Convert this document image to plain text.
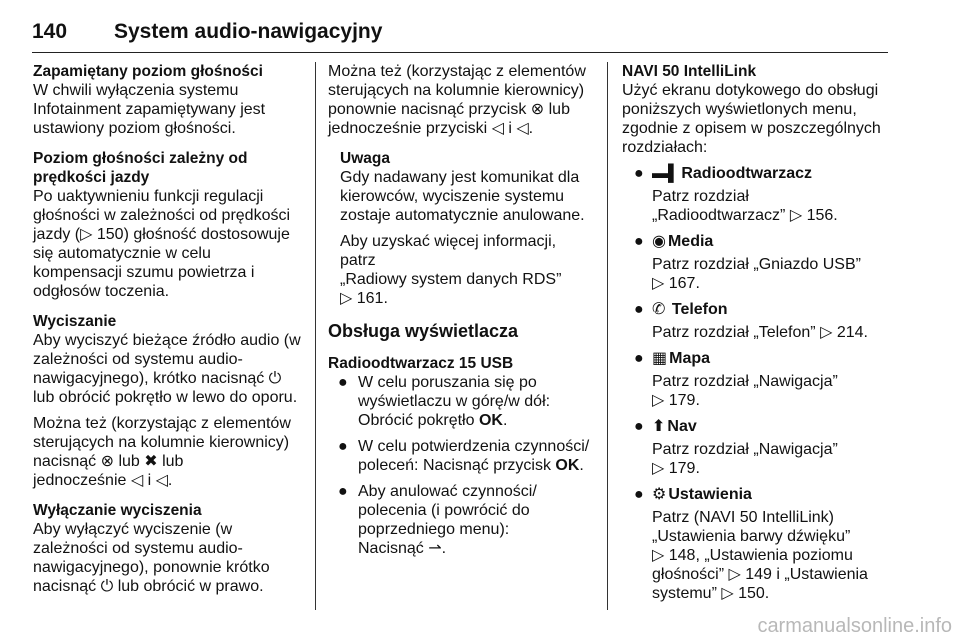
140 System audio-nawigacyjny

Zapamiętany poziom głośności

W chwili wyłączenia systemu

Infotainment zapamiętywany jest

ustawiony poziom głośności.

Poziom głośności zależny od

prędkości jazdy

Po uaktywnieniu funkcji regulacji

głośności w zależności od prędkości

jazdy (▷ 150) głośność dostosowuje

się automatycznie w celu

kompensacji szumu powietrza i

odgłosów toczenia.

Wyciszanie

Aby wyciszyć bieżące źródło audio (w

zależności od systemu audio-

nawigacyjnego), krótko nacisnąć ⏻

lub obrócić pokrętło w lewo do oporu.

Można też (korzystając z elementów

sterujących na kolumnie kierownicy)

nacisnąć ⊗ lub ✖ lub

jednocześnie ◁ i ◁.

Wyłączanie wyciszenia

Aby wyłączyć wyciszenie (w

zależności od systemu audio-

nawigacyjnego), ponownie krótko

nacisnąć ⏻ lub obrócić w prawo.

Można też (korzystając z elementów

sterujących na kolumnie kierownicy)

ponownie nacisnąć przycisk ⊗ lub

jednocześnie przyciski ◁ i ◁.

Uwaga

Gdy nadawany jest komunikat dla

kierowców, wyciszenie systemu

zostaje automatycznie anulowane.

Aby uzyskać więcej informacji, patrz

„Radiowy system danych RDS”

▷ 161.

Obsługa wyświetlacza

Radioodtwarzacz 15 USB

● W celu poruszania się po

wyświetlaczu w górę/w dół:

Obrócić pokrętło OK.

● W celu potwierdzenia czynności/

poleceń: Nacisnąć przycisk OK.

● Aby anulować czynności/

polecenia (i powrócić do

poprzedniego menu):

Nacisnąć ⇀.

NAVI 50 IntelliLink

Użyć ekranu dotykowego do obsługi

poniższych wyświetlonych menu,

zgodnie z opisem w poszczególnych

rozdziałach:

● ▬▌ Radioodtwarzacz

Patrz rozdział

„Radioodtwarzacz” ▷ 156.

● ◉ Media

Patrz rozdział „Gniazdo USB”

▷ 167.

● ✆ Telefon

Patrz rozdział „Telefon” ▷ 214.

● ▦ Mapa

Patrz rozdział „Nawigacja”

▷ 179.

● ⬆ Nav

Patrz rozdział „Nawigacja”

▷ 179.

● ⚙ Ustawienia

Patrz (NAVI 50 IntelliLink)

„Ustawienia barwy dźwięku”

▷ 148, „Ustawienia poziomu

głośności” ▷ 149 i „Ustawienia

systemu” ▷ 150.

carmanualsonline.info
